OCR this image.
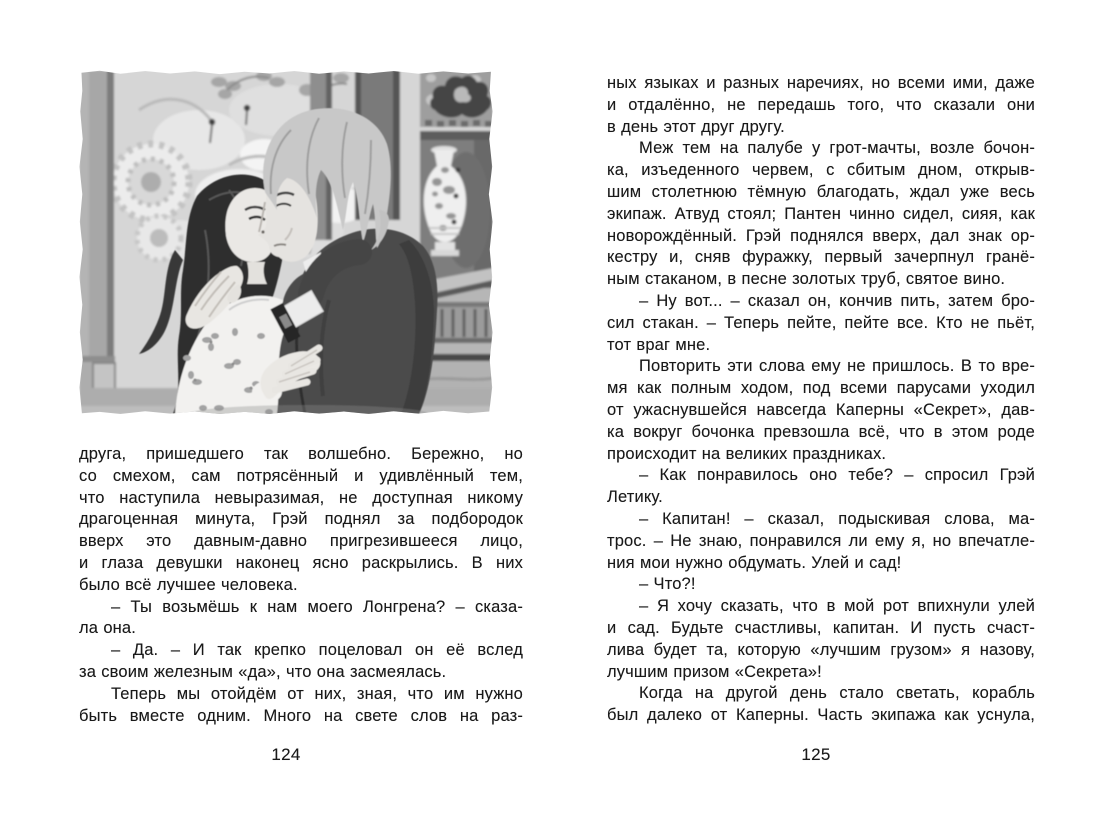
друга, пришедшего так волшебно. Бережно, но
со смехом, сам потрясённый и удивлённый тем,
что наступила невыразимая, не доступная никому
драгоценная минута, Грэй поднял за подбородок
вверх это давным-давно пригрезившееся лицо,
и глаза девушки наконец ясно раскрылись. В них
было всё лучшее человека.
– Ты возьмёшь к нам моего Лонгрена? – сказа-
ла она.
– Да. – И так крепко поцеловал он её вслед
за своим железным «да», что она засмеялась.
Теперь мы отойдём от них, зная, что им нужно
быть вместе одним. Много на свете слов на раз-
ных языках и разных наречиях, но всеми ими, даже
и отдалённо, не передашь того, что сказали они
в день этот друг другу.
Меж тем на палубе у грот-мачты, возле бочон-
ка, изъеденного червем, с сбитым дном, открыв-
шим столетнюю тёмную благодать, ждал уже весь
экипаж. Атвуд стоял; Пантен чинно сидел, сияя, как
новорождённый. Грэй поднялся вверх, дал знак ор-
кестру и, сняв фуражку, первый зачерпнул гранё-
ным стаканом, в песне золотых труб, святое вино.
– Ну вот... – сказал он, кончив пить, затем бро-
сил стакан. – Теперь пейте, пейте все. Кто не пьёт,
тот враг мне.
Повторить эти слова ему не пришлось. В то вре-
мя как полным ходом, под всеми парусами уходил
от ужаснувшейся навсегда Каперны «Секрет», дав-
ка вокруг бочонка превзошла всё, что в этом роде
происходит на великих праздниках.
– Как понравилось оно тебе? – спросил Грэй
Летику.
– Капитан! – сказал, подыскивая слова, ма-
трос. – Не знаю, понравился ли ему я, но впечатле-
ния мои нужно обдумать. Улей и сад!
– Что?!
– Я хочу сказать, что в мой рот впихнули улей
и сад. Будьте счастливы, капитан. И пусть счаст-
лива будет та, которую «лучшим грузом» я назову,
лучшим призом «Секрета»!
Когда на другой день стало светать, корабль
был далеко от Каперны. Часть экипажа как уснула,
124	125
